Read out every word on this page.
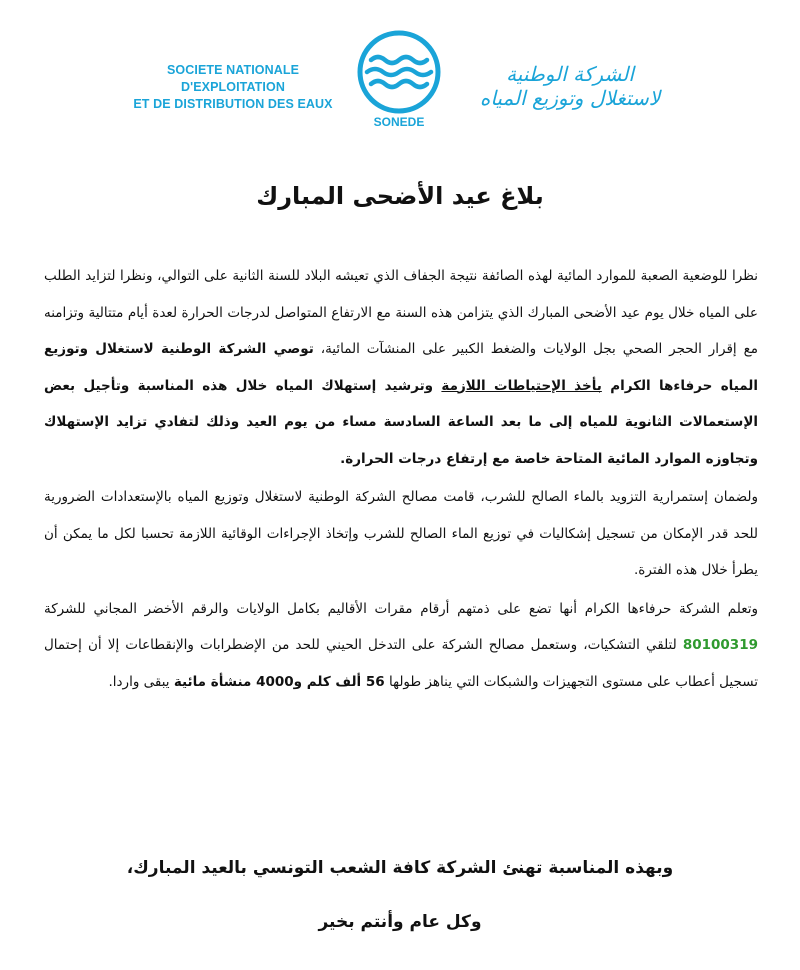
SOCIETE NATIONALE D'EXPLOITATION
ET DE DISTRIBUTION DES EAUX
SONEDE
الشركة الوطنية لاستغلال وتوزيع المياه
بلاغ عيد الأضحى المبارك

نظرا للوضعية الصعبة للموارد المائية لهذه الصائفة نتيجة الجفاف الذي تعيشه البلاد للسنة الثانية على التوالي، ونظرا لتزايد الطلب على المياه خلال يوم عيد الأضحى المبارك الذي يتزامن هذه السنة مع الارتفاع المتواصل لدرجات الحرارة لعدة أيام متتالية وتزامنه مع إقرار الحجر الصحي بجل الولايات والضغط الكبير على المنشآت المائية، توصي الشركة الوطنية لاستغلال وتوزيع المياه حرفاءها الكرام بأخذ الإحتياطات اللازمة وترشيد إستهلاك المياه خلال هذه المناسبة وتأجيل بعض الإستعمالات الثانوية للمياه إلى ما بعد الساعة السادسة مساء من يوم العيد وذلك لتفادي تزايد الإستهلاك وتجاوزه الموارد المائية المتاحة خاصة مع إرتفاع درجات الحرارة.

ولضمان إستمرارية التزويد بالماء الصالح للشرب، قامت مصالح الشركة الوطنية لاستغلال وتوزيع المياه بالإستعدادات الضرورية للحد قدر الإمكان من تسجيل إشكاليات في توزيع الماء الصالح للشرب وإتخاذ الإجراءات الوقائية اللازمة تحسبا لكل ما يمكن أن يطرأ خلال هذه الفترة.

وتعلم الشركة حرفاءها الكرام أنها تضع على ذمتهم أرقام مقرات الأقاليم بكامل الولايات والرقم الأخضر المجاني للشركة 80100319 لتلقي التشكيات، وستعمل مصالح الشركة على التدخل الحيني للحد من الإضطرابات والإنقطاعات إلا أن إحتمال تسجيل أعطاب على مستوى التجهيزات والشبكات التي يناهز طولها 56 ألف كلم و4000 منشأة مائية يبقى واردا.

وبهذه المناسبة تهنئ الشركة كافة الشعب التونسي بالعيد المبارك،
وكل عام وأنتم بخير
